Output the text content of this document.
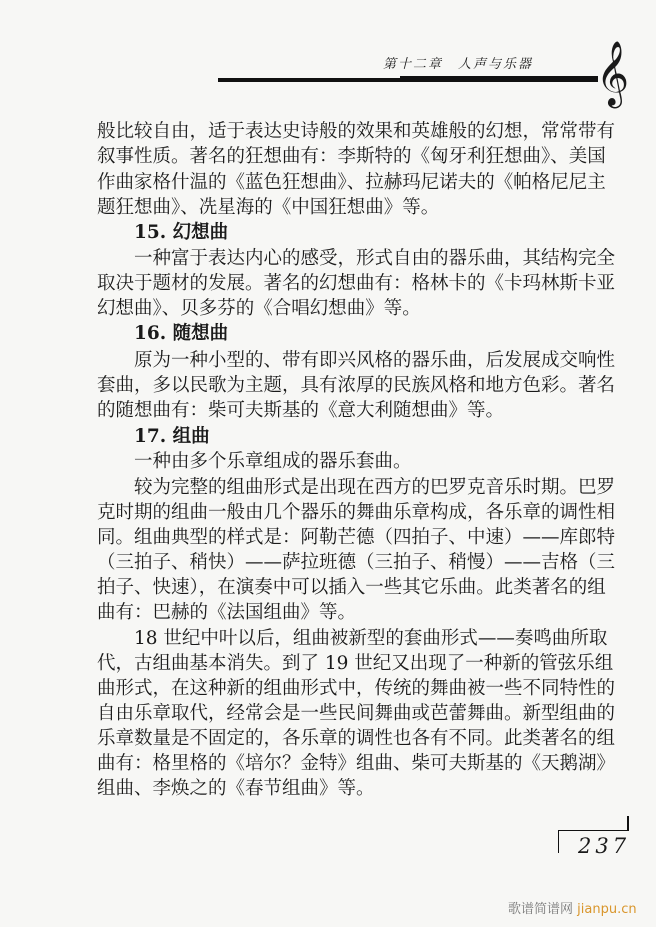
第十二章　人声与乐器 𝄞
般比较自由，适于表达史诗般的效果和英雄般的幻想，常常带有
叙事性质。著名的狂想曲有：李斯特的《匈牙利狂想曲》、美国
作曲家格什温的《蓝色狂想曲》、拉赫玛尼诺夫的《帕格尼尼主
题狂想曲》、冼星海的《中国狂想曲》等。
15. 幻想曲
一种富于表达内心的感受，形式自由的器乐曲，其结构完全
取决于题材的发展。著名的幻想曲有：格林卡的《卡玛林斯卡亚
幻想曲》、贝多芬的《合唱幻想曲》等。
16. 随想曲
原为一种小型的、带有即兴风格的器乐曲，后发展成交响性
套曲，多以民歌为主题，具有浓厚的民族风格和地方色彩。著名
的随想曲有：柴可夫斯基的《意大利随想曲》等。
17. 组曲
一种由多个乐章组成的器乐套曲。
较为完整的组曲形式是出现在西方的巴罗克音乐时期。巴罗
克时期的组曲一般由几个器乐的舞曲乐章构成，各乐章的调性相
同。组曲典型的样式是：阿勒芒德（四拍子、中速）——库郎特
（三拍子、稍快）——萨拉班德（三拍子、稍慢）——吉格（三
拍子、快速），在演奏中可以插入一些其它乐曲。此类著名的组
曲有：巴赫的《法国组曲》等。
18 世纪中叶以后，组曲被新型的套曲形式——奏鸣曲所取
代，古组曲基本消失。到了 19 世纪又出现了一种新的管弦乐组
曲形式，在这种新的组曲形式中，传统的舞曲被一些不同特性的
自由乐章取代，经常会是一些民间舞曲或芭蕾舞曲。新型组曲的
乐章数量是不固定的，各乐章的调性也各有不同。此类著名的组
曲有：格里格的《培尔？金特》组曲、柴可夫斯基的《天鹅湖》
组曲、李焕之的《春节组曲》等。
237
歌谱简谱网 jianpu.cn
